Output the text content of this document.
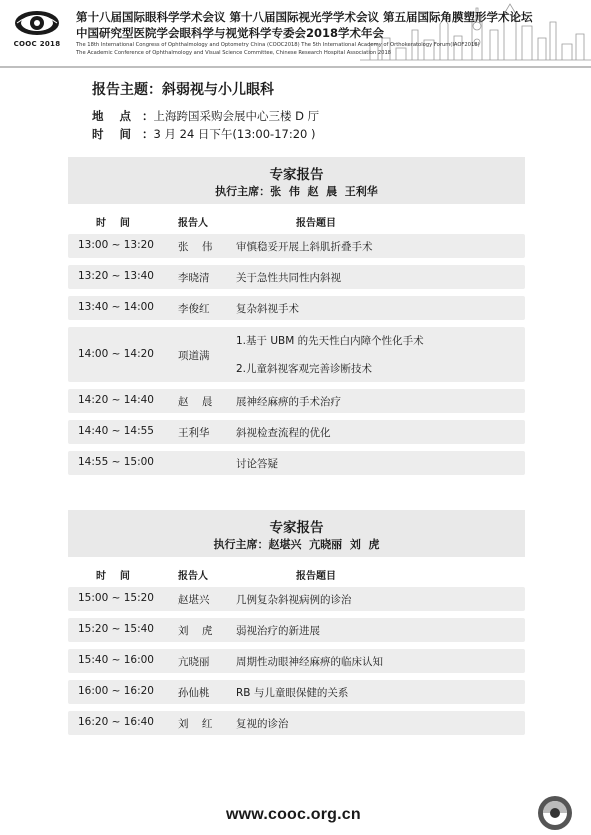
COOC 2018
第十八届国际眼科学学术会议 第十八届国际视光学学术会议 第五届国际角膜塑形学术论坛
中国研究型医院学会眼科学与视觉科学专委会2018学术年会
The 18th International Congress of Ophthalmology and Optometry China (COOC2018) The 5th International Academy of Orthokeratology Forum(IAOF2018)
The Academic Conference of Ophthalmology and Visual Science Committee, Chinese Research Hospital Association 2018
报告主题：斜弱视与小儿眼科
地    点 ：上海跨国采购会展中心三楼 D 厅
时    间 ：3 月 24 日下午(13:00-17:20 )
专家报告
执行主席：张  伟  赵  晨  王利华
时    间	报告人	报告题目
13:00 ~ 13:20 张    伟 审慎稳妥开展上斜肌折叠手术
13:20 ~ 13:40 李晓清	关于急性共同性内斜视
13:40 ~ 14:00 李俊红	复杂斜视手术
14:00 ~ 14:20 项道满
1.基于 UBM 的先天性白内障个性化手术
2.儿童斜视客观完善诊断技术
14:20 ~ 14:40 赵    晨 展神经麻痹的手术治疗
14:40 ~ 14:55 王利华	斜视检查流程的优化
14:55 ~ 15:00	讨论答疑
专家报告
执行主席：赵堪兴  亢晓丽  刘  虎
时    间	报告人	报告题目
15:00 ~ 15:20 赵堪兴	几例复杂斜视病例的诊治
15:20 ~ 15:40 刘    虎 弱视治疗的新进展
15:40 ~ 16:00 亢晓丽	周期性动眼神经麻痹的临床认知
16:00 ~ 16:20 孙仙桃	RB 与儿童眼保健的关系
16:20 ~ 16:40 刘    红 复视的诊治
www.cooc.org.cn
